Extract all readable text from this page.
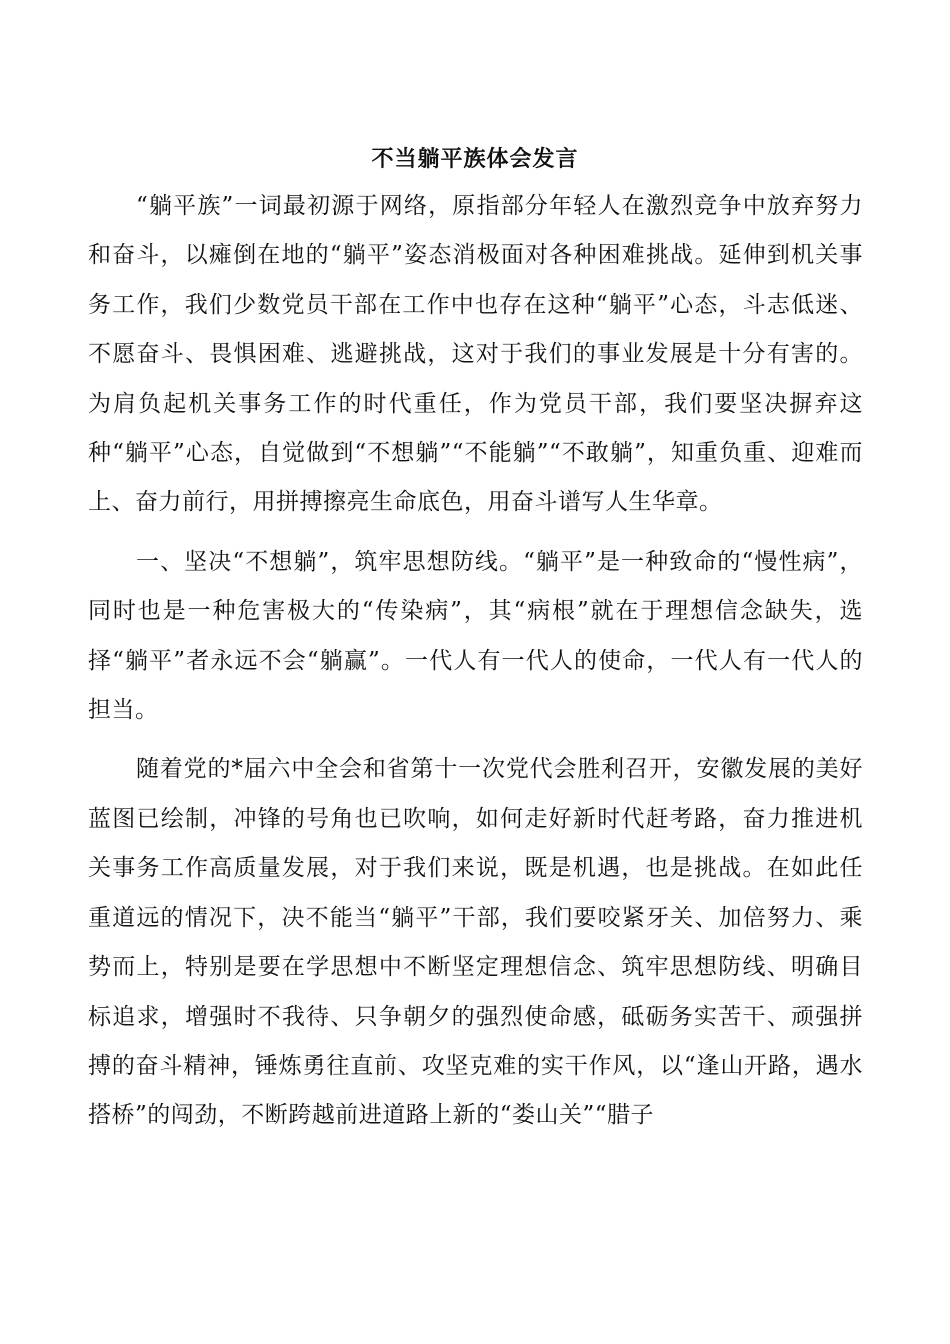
不当躺平族体会发言

“躺平族”一词最初源于网络，原指部分年轻人在激烈竞争中放弃努力和奋斗，以瘫倒在地的“躺平”姿态消极面对各种困难挑战。延伸到机关事务工作，我们少数党员干部在工作中也存在这种“躺平”心态，斗志低迷、不愿奋斗、畏惧困难、逃避挑战，这对于我们的事业发展是十分有害的。为肩负起机关事务工作的时代重任，作为党员干部，我们要坚决摒弃这种“躺平”心态，自觉做到“不想躺”“不能躺”“不敢躺”，知重负重、迎难而上、奋力前行，用拼搏擦亮生命底色，用奋斗谱写人生华章。

一、坚决“不想躺”，筑牢思想防线。“躺平”是一种致命的“慢性病”，同时也是一种危害极大的“传染病”，其“病根”就在于理想信念缺失，选择“躺平”者永远不会“躺赢”。一代人有一代人的使命，一代人有一代人的担当。

随着党的*届六中全会和省第十一次党代会胜利召开，安徽发展的美好蓝图已绘制，冲锋的号角也已吹响，如何走好新时代赶考路，奋力推进机关事务工作高质量发展，对于我们来说，既是机遇，也是挑战。在如此任重道远的情况下，决不能当“躺平”干部，我们要咬紧牙关、加倍努力、乘势而上，特别是要在学思想中不断坚定理想信念、筑牢思想防线、明确目标追求，增强时不我待、只争朝夕的强烈使命感，砥砺务实苦干、顽强拼搏的奋斗精神，锤炼勇往直前、攻坚克难的实干作风，以“逢山开路，遇水搭桥”的闯劲，不断跨越前进道路上新的“娄山关”“腊子
